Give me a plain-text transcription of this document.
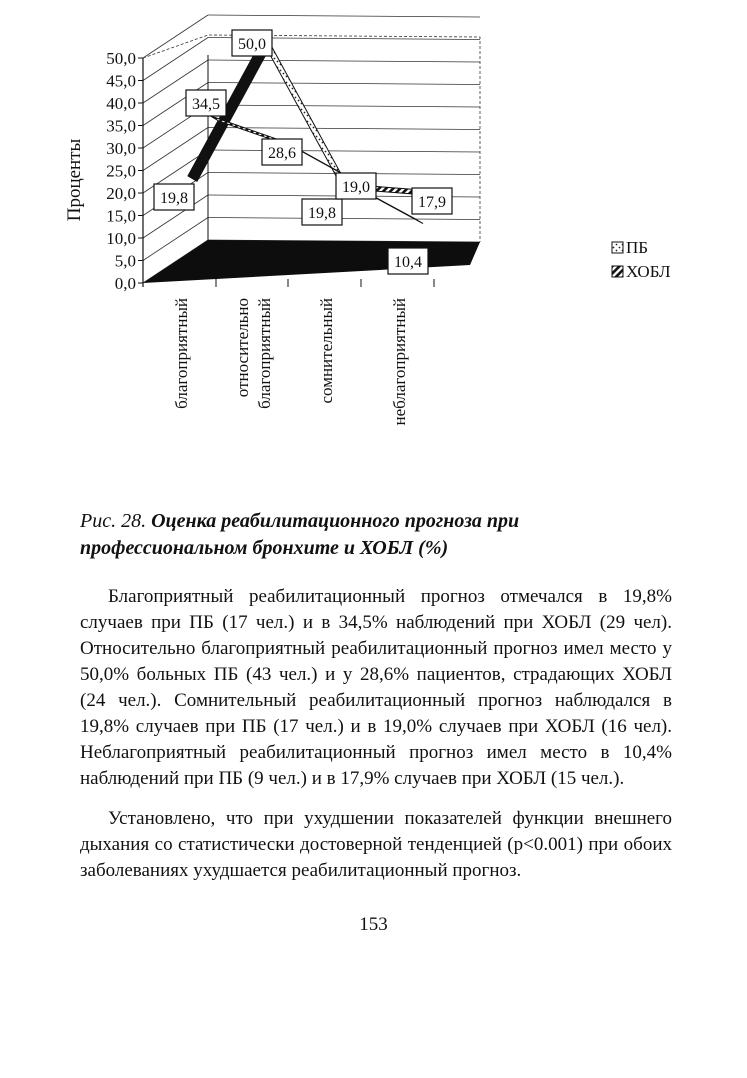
0,0
5,0
10,0
15,0
20,0
25,0
30,0
35,0
40,0
45,0
50,0
Проценты	19,8
50,0
19,8
10,4
34,5
28,6
19,0
17,9
благоприятный относительно благоприятный	сомнительный	неблагоприятный
ПБ
ХОБЛ

Рис. 28. Оценка реабилитационного прогноза при профессиональном бронхите и ХОБЛ (%)

Благоприятный реабилитационный прогноз отмечался в 19,8% случаев при ПБ (17 чел.) и в 34,5% наблюдений при ХОБЛ (29 чел). Относительно благоприятный реабилитационный прогноз имел место у 50,0% больных ПБ (43 чел.) и у 28,6% пациентов, страдающих ХОБЛ (24 чел.). Сомнительный реабилитационный прогноз наблюдался в 19,8% случаев при ПБ (17 чел.) и в 19,0% случаев при ХОБЛ (16 чел). Неблагоприятный реабилитационный прогноз имел место в 10,4% наблюдений при ПБ (9 чел.) и в 17,9% случаев при ХОБЛ (15 чел.).

Установлено, что при ухудшении показателей функции внешнего дыхания со статистически достоверной тенденцией (p<0.001) при обоих заболеваниях ухудшается реабилитационный прогноз.

153
